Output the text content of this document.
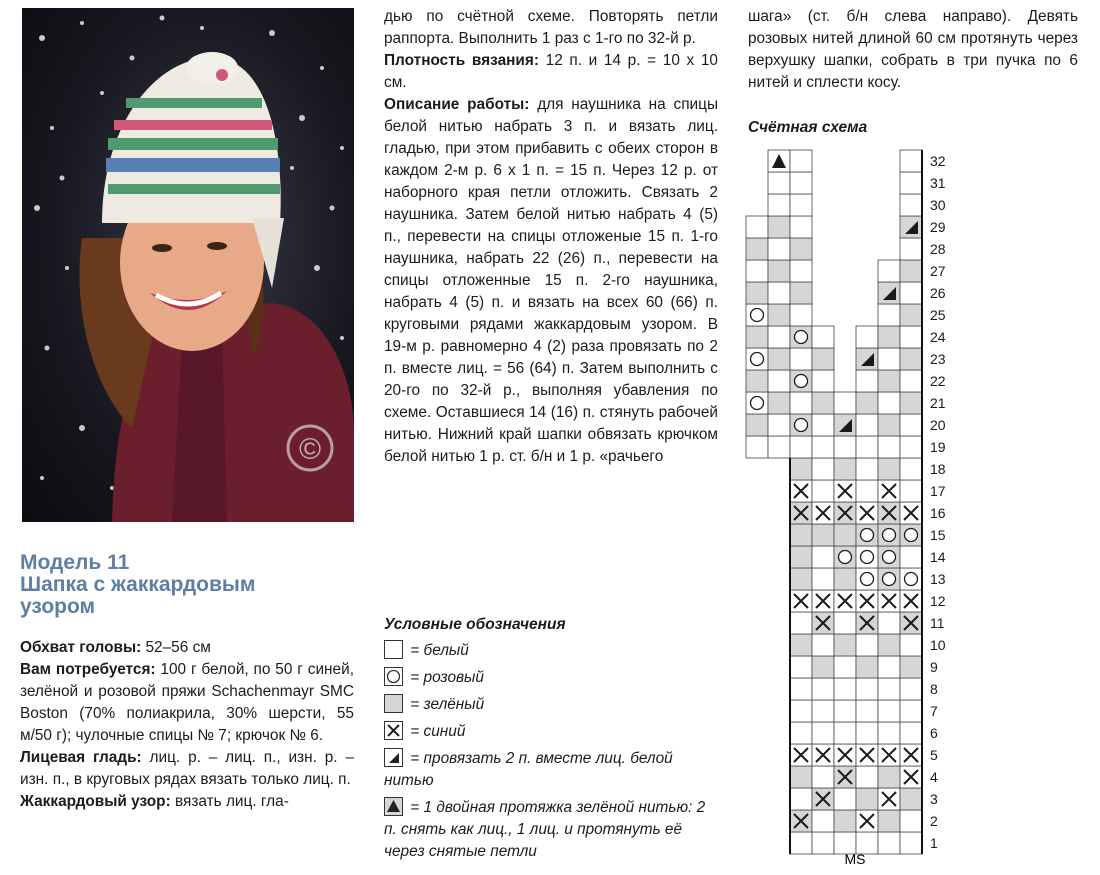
©
Модель 11
Шапка с жаккардовым
узором

Обхват головы: 52–56 см

Вам потребуется: 100 г белой, по 50 г синей, зелёной и розовой пряжи Schachenmayr SMC Boston (70% полиакрила, 30% шерсти, 55 м/50 г); чулочные спицы № 7; крючок № 6.

Лицевая гладь: лиц. р. – лиц. п., изн. р. – изн. п., в круговых рядах вязать только лиц. п.

Жаккардовый узор: вязать лиц. гла-

дью по счётной схеме. Повторять петли раппорта. Выполнить 1 раз с 1-го по 32-й р.

Плотность вязания: 12 п. и 14 р. = 10 x 10 см.

Описание работы: для наушника на спицы белой нитью набрать 3 п. и вязать лиц. гладью, при этом прибавить с обеих сторон в каждом 2-м р. 6 х 1 п. = 15 п. Через 12 р. от наборного края петли отложить. Связать 2 наушника. Затем белой нитью набрать 4 (5) п., перевести на спицы отложеные 15 п. 1-го наушника, набрать 22 (26) п., перевести на спицы отложенные 15 п. 2-го наушника, набрать 4 (5) п. и вязать на всех 60 (66) п. круговыми рядами жаккардовым узором. В 19-м р. равномерно 4 (2) раза провязать по 2 п. вместе лиц. = 56 (64) п. Затем выполнить с 20-го по 32-й р., выполняя убавления по схеме. Оставшиеся 14 (16) п. стянуть рабочей нитью. Нижний край шапки обвязать крючком белой нитью 1 р. ст. б/н и 1 р. «рачьего

Условные обозначения
= белый
= розовый
= зелёный
= синий
= провязать 2 п. вместе лиц. белой нитью
= 1 двойная протяжка зелёной нитью: 2 п. снять как лиц., 1 лиц. и протянуть её через снятые петли

шага» (ст. б/н слева направо). Девять розовых нитей длиной 60 см протянуть через верхушку шапки, собрать в три пучка по 6 нитей и сплести косу.

Счётная схема
1
2
3
4
5
6
7
8
9
10
11
12
13
14
15
16
17
18
19
20
21
22
23
24
25
26
27
28
29
30
31
32
MS
